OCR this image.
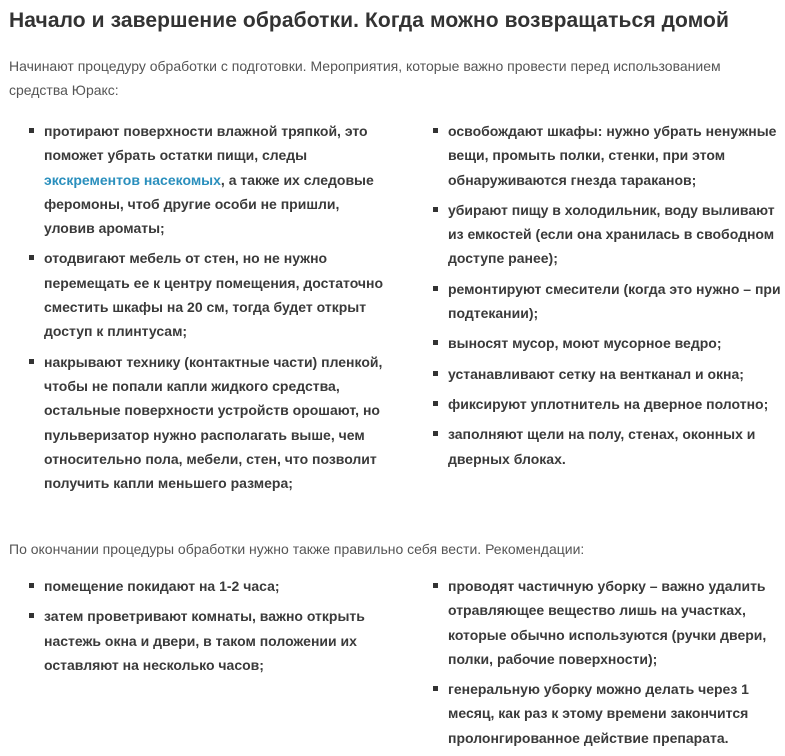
Начало и завершение обработки. Когда можно возвращаться домой

Начинают процедуру обработки с подготовки. Мероприятия, которые важно провести перед использованием средства Юракс:

протирают поверхности влажной тряпкой, это поможет убрать остатки пищи, следы экскрементов насекомых, а также их следовые феромоны, чтоб другие особи не пришли, уловив ароматы;
отодвигают мебель от стен, но не нужно перемещать ее к центру помещения, достаточно сместить шкафы на 20 см, тогда будет открыт доступ к плинтусам;
накрывают технику (контактные части) пленкой, чтобы не попали капли жидкого средства, остальные поверхности устройств орошают, но пульверизатор нужно располагать выше, чем относительно пола, мебели, стен, что позволит получить капли меньшего размера;
освобождают шкафы: нужно убрать ненужные вещи, промыть полки, стенки, при этом обнаруживаются гнезда тараканов;
убирают пищу в холодильник, воду выливают из емкостей (если она хранилась в свободном доступе ранее);
ремонтируют смесители (когда это нужно – при подтекании);
выносят мусор, моют мусорное ведро;
устанавливают сетку на вентканал и окна;
фиксируют уплотнитель на дверное полотно;
заполняют щели на полу, стенах, оконных и дверных блоках.

По окончании процедуры обработки нужно также правильно себя вести. Рекомендации:

помещение покидают на 1-2 часа;
затем проветривают комнаты, важно открыть настежь окна и двери, в таком положении их оставляют на несколько часов;
проводят частичную уборку – важно удалить отравляющее вещество лишь на участках, которые обычно используются (ручки двери, полки, рабочие поверхности);
генеральную уборку можно делать через 1 месяц, как раз к этому времени закончится пролонгированное действие препарата.
